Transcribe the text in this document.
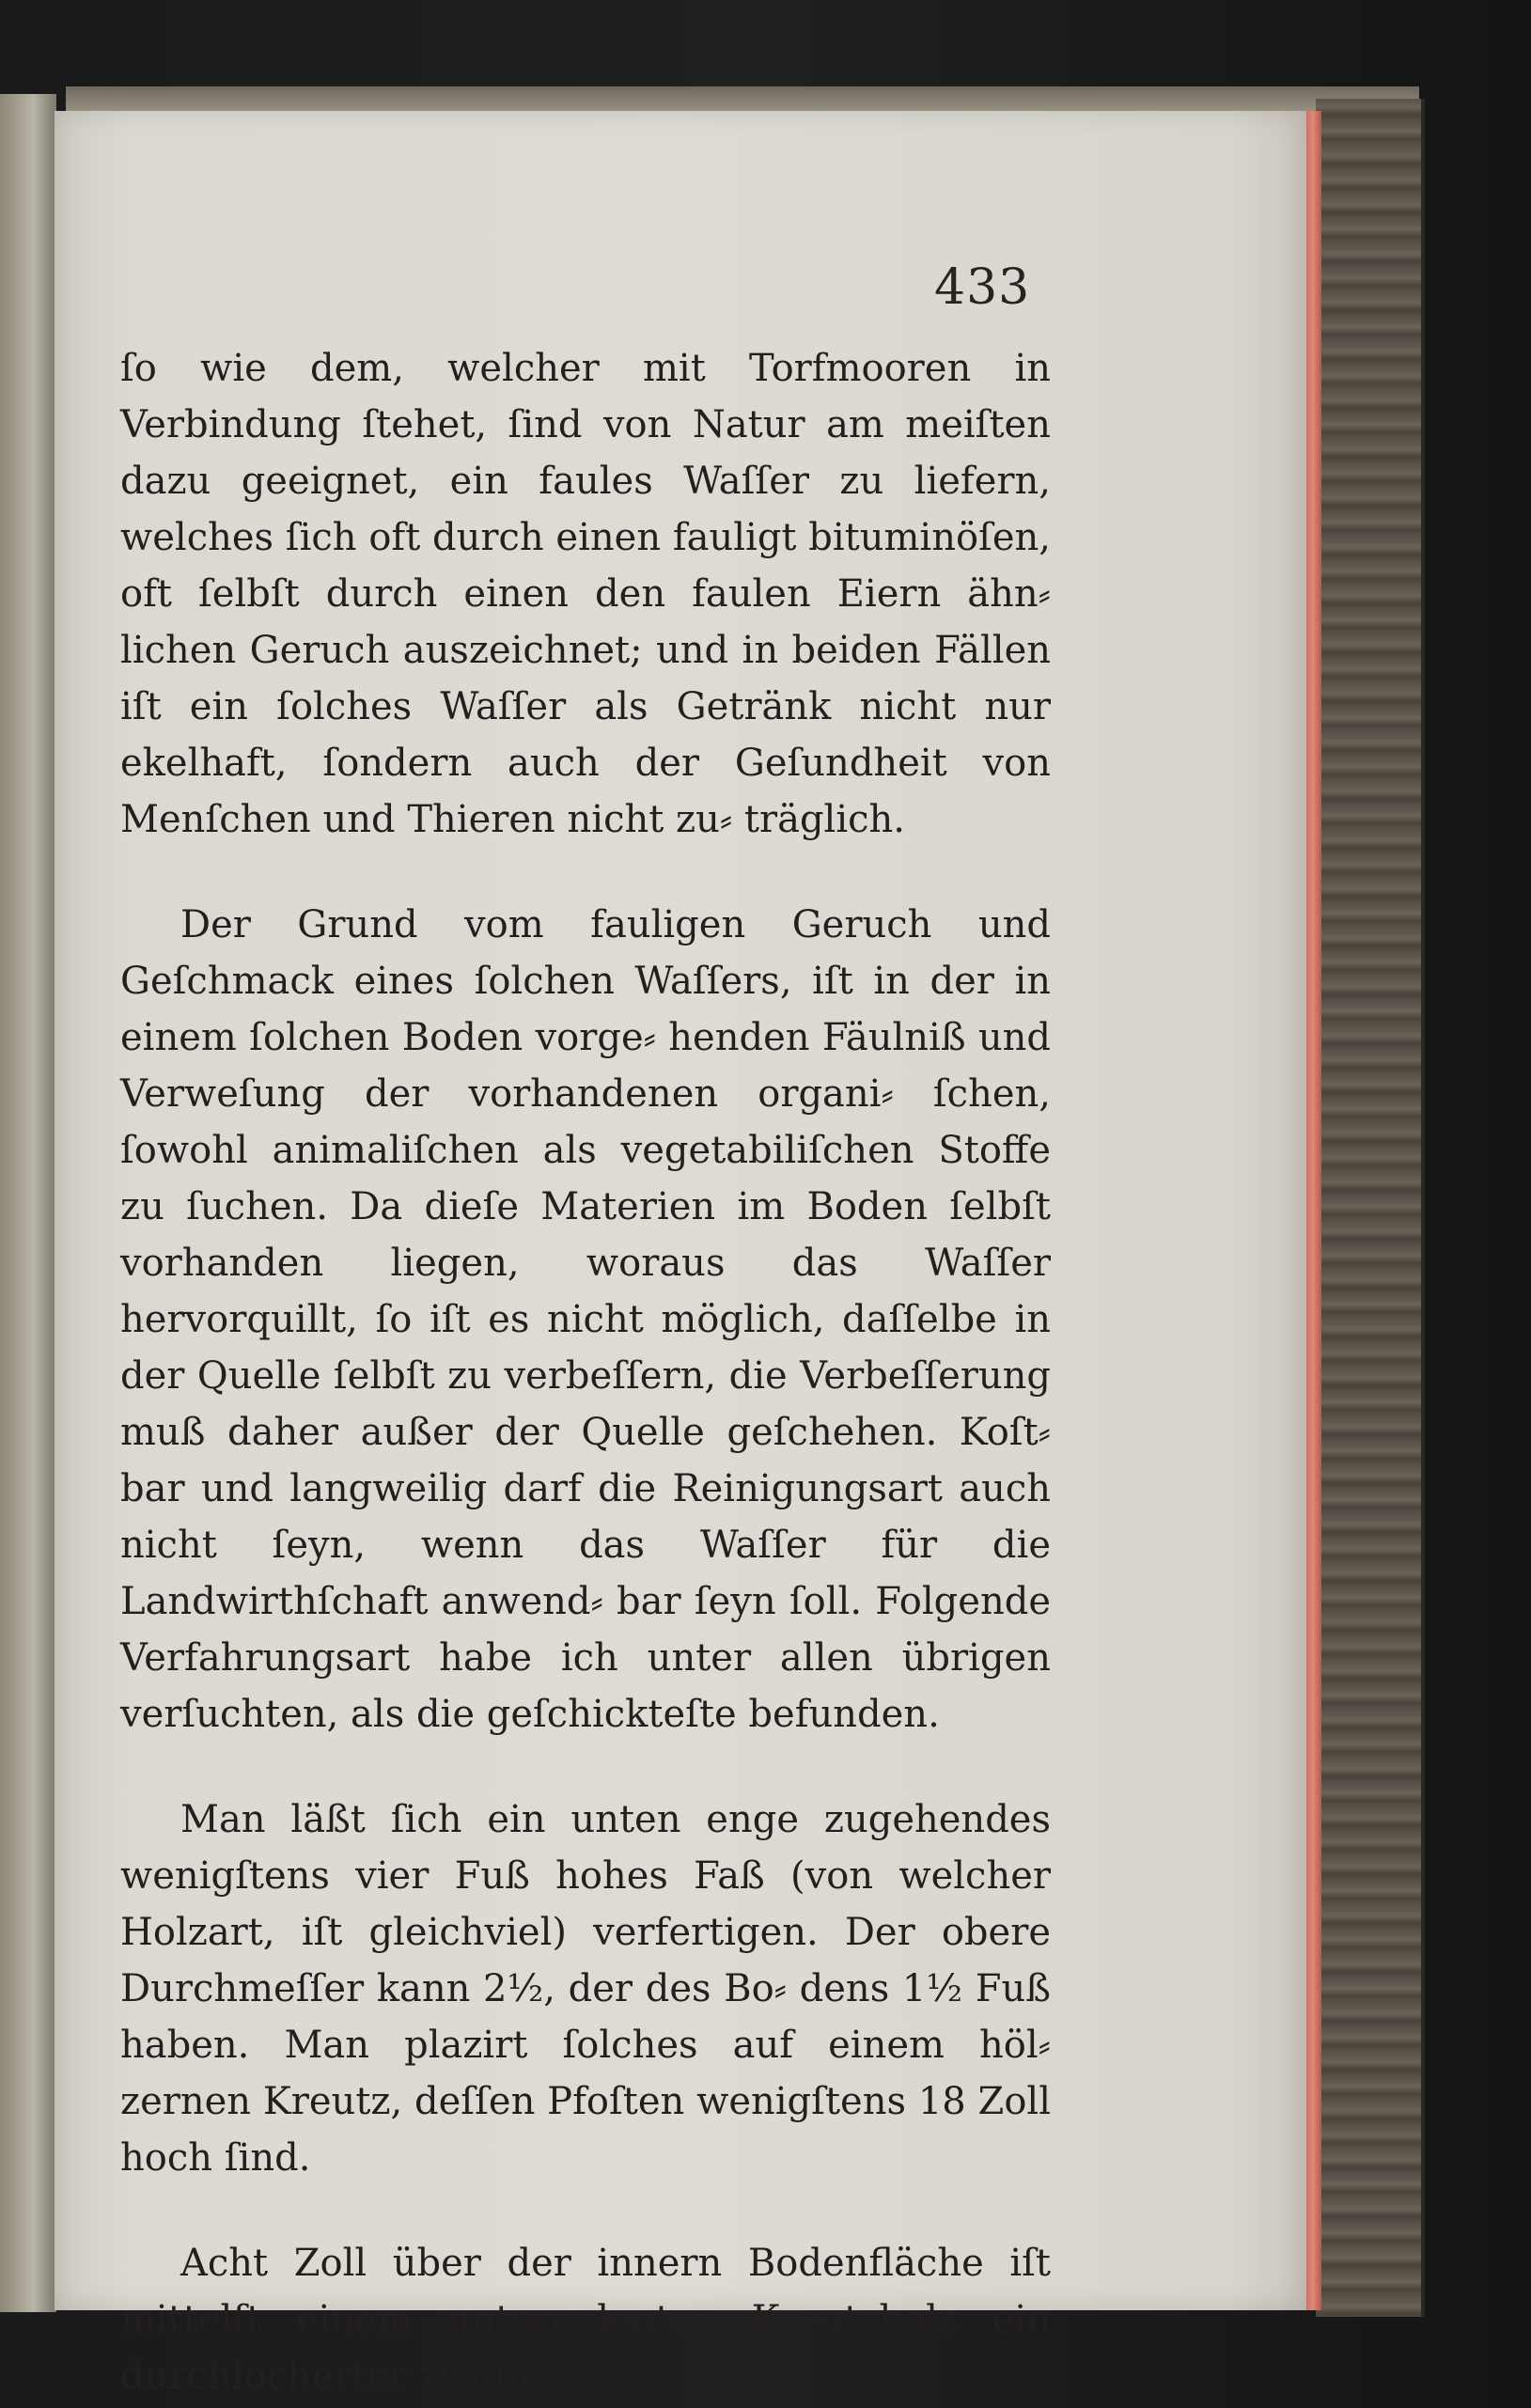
433

ſo wie dem, welcher mit Torfmooren in Verbindung ſtehet, ſind von Natur am meiſten dazu geeignet, ein faules Waſſer zu liefern, welches ſich oft durch einen fauligt bituminöſen, oft ſelbſt durch einen den faulen Eiern ähn⸗ lichen Geruch auszeichnet; und in beiden Fällen iſt ein ſolches Waſſer als Getränk nicht nur ekelhaft, ſondern auch der Geſundheit von Menſchen und Thieren nicht zu⸗ träglich.

Der Grund vom fauligen Geruch und Geſchmack eines ſolchen Waſſers, iſt in der in einem ſolchen Boden vorge⸗ henden Fäulniß und Verweſung der vorhandenen organi⸗ ſchen, ſowohl animaliſchen als vegetabiliſchen Stoffe zu ſuchen. Da dieſe Materien im Boden ſelbſt vorhanden liegen, woraus das Waſſer hervorquillt, ſo iſt es nicht möglich, daſſelbe in der Quelle ſelbſt zu verbeſſern, die Verbeſſerung muß daher außer der Quelle geſchehen. Koſt⸗ bar und langweilig darf die Reinigungsart auch nicht ſeyn, wenn das Waſſer für die Landwirthſchaft anwend⸗ bar ſeyn ſoll. Folgende Verfahrungsart habe ich unter allen übrigen verſuchten, als die geſchickteſte befunden.

Man läßt ſich ein unten enge zugehendes wenigſtens vier Fuß hohes Faß (von welcher Holzart, iſt gleichviel) verfertigen. Der obere Durchmeſſer kann 2½, der des Bo⸗ dens 1½ Fuß haben. Man plazirt ſolches auf einem höl⸗ zernen Kreutz, deſſen Pfoſten wenigſtens 18 Zoll hoch ſind.

Acht Zoll über der innern Bodenfläche iſt mittelſt einem untergelegten Kreutzholz ein durchlöcherter zweiter
